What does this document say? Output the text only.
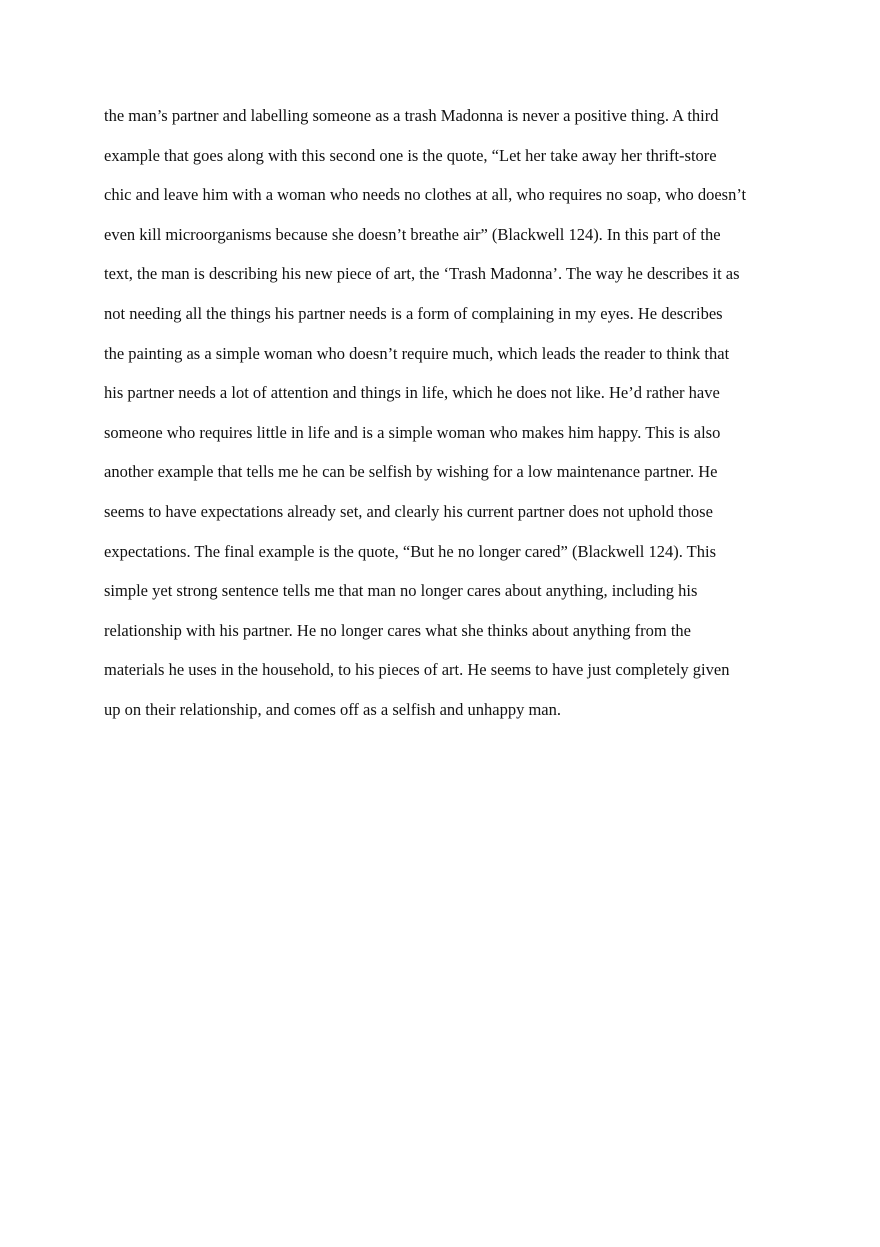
the man’s partner and labelling someone as a trash Madonna is never a positive thing. A third
example that goes along with this second one is the quote, “Let her take away her thrift-store
chic and leave him with a woman who needs no clothes at all, who requires no soap, who doesn’t
even kill microorganisms because she doesn’t breathe air” (Blackwell 124). In this part of the
text, the man is describing his new piece of art, the ‘Trash Madonna’. The way he describes it as
not needing all the things his partner needs is a form of complaining in my eyes. He describes
the painting as a simple woman who doesn’t require much, which leads the reader to think that
his partner needs a lot of attention and things in life, which he does not like. He’d rather have
someone who requires little in life and is a simple woman who makes him happy. This is also
another example that tells me he can be selfish by wishing for a low maintenance partner. He
seems to have expectations already set, and clearly his current partner does not uphold those
expectations. The final example is the quote, “But he no longer cared” (Blackwell 124). This
simple yet strong sentence tells me that man no longer cares about anything, including his
relationship with his partner. He no longer cares what she thinks about anything from the
materials he uses in the household, to his pieces of art. He seems to have just completely given
up on their relationship, and comes off as a selfish and unhappy man.
